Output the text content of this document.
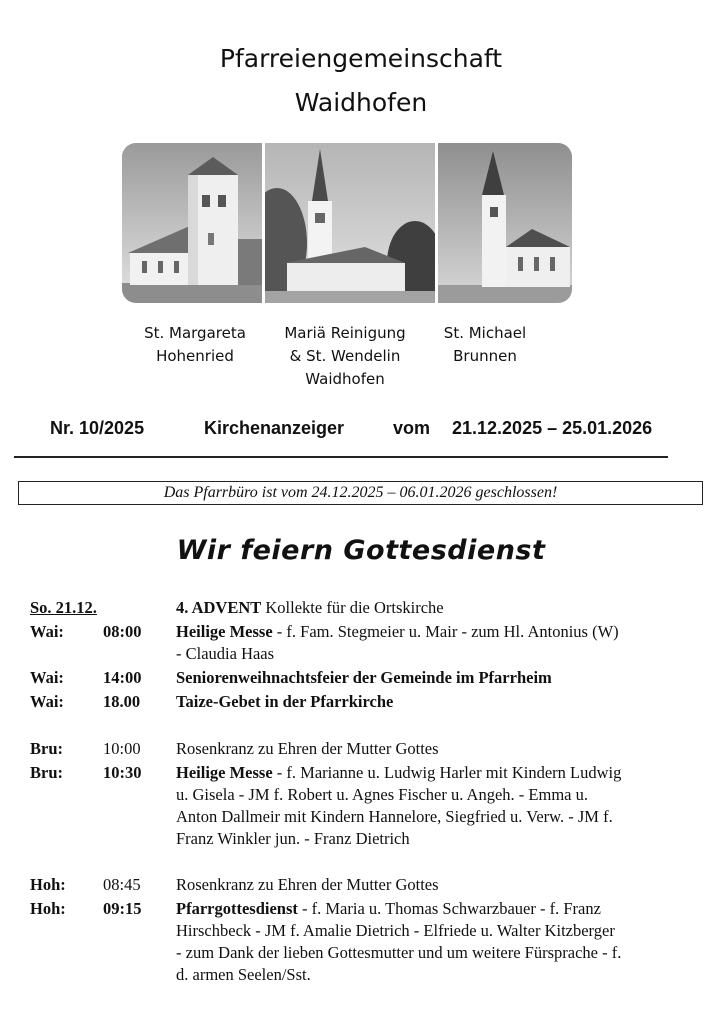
Pfarreiengemeinschaft
Waidhofen
St. Margareta
Hohenried
Mariä Reinigung
& St. Wendelin
Waidhofen
St. Michael
Brunnen
Nr. 10/2025	Kirchenanzeiger	vom 21.12.2025 – 25.01.2026
Das Pfarrbüro ist vom 24.12.2025 – 06.01.2026 geschlossen!
Wir feiern Gottesdienst
So. 21.12.	4. ADVENT Kollekte für die Ortskirche
Wai: 08:00 Heilige Messe - f. Fam. Stegmeier u. Mair - zum Hl. Antonius (W)
- Claudia Haas
Wai: 14:00 Seniorenweihnachtsfeier der Gemeinde im Pfarrheim
Wai: 18.00 Taize-Gebet in der Pfarrkirche
Bru: 10:00 Rosenkranz zu Ehren der Mutter Gottes
Bru: 10:30 Heilige Messe - f. Marianne u. Ludwig Harler mit Kindern Ludwig
u. Gisela - JM f. Robert u. Agnes Fischer u. Angeh. - Emma u.
Anton Dallmeir mit Kindern Hannelore, Siegfried u. Verw. - JM f.
Franz Winkler jun. - Franz Dietrich
Hoh: 08:45 Rosenkranz zu Ehren der Mutter Gottes
Hoh: 09:15 Pfarrgottesdienst - f. Maria u. Thomas Schwarzbauer - f. Franz
Hirschbeck - JM f. Amalie Dietrich - Elfriede u. Walter Kitzberger
- zum Dank der lieben Gottesmutter und um weitere Fürsprache - f.
d. armen Seelen/Sst.
